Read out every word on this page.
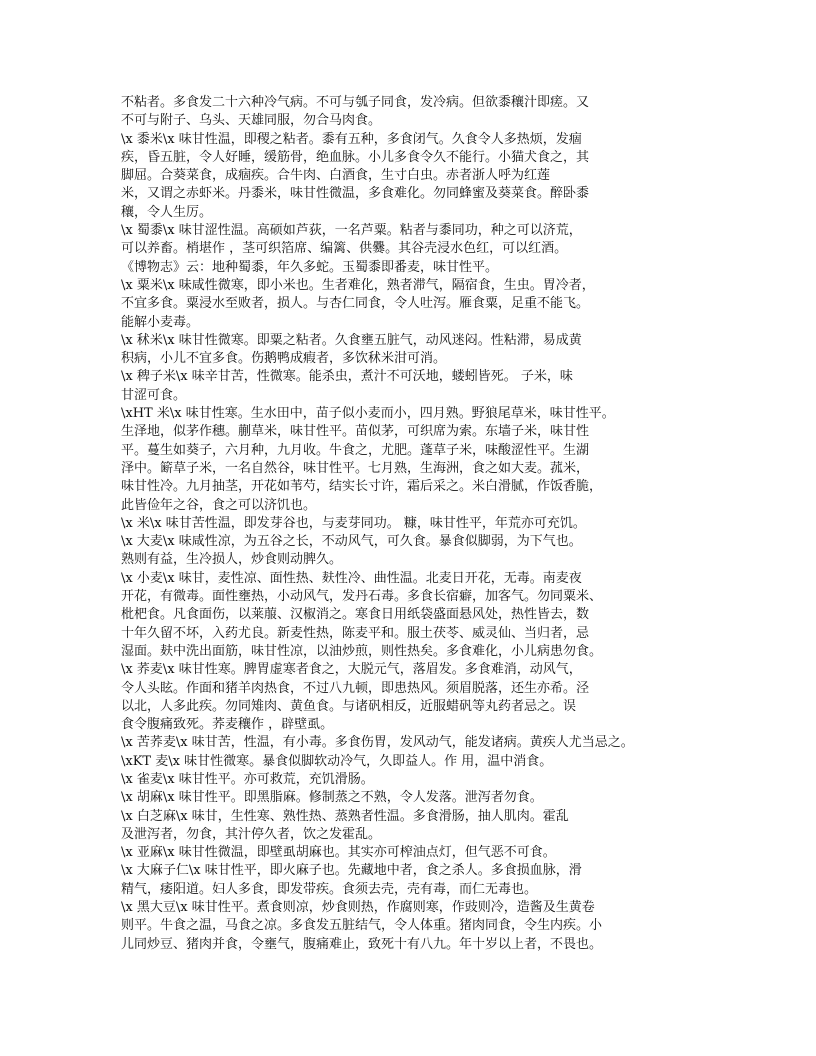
不粘者。多食发二十六种冷气病。不可与瓠子同食，发冷病。但欲黍穰汁即瘥。又
不可与附子、乌头、天雄同服，勿合马肉食。
\x 黍米\x 味甘性温，即稷之粘者。黍有五种，多食闭气。久食令人多热烦，发痼
疾，昏五脏，令人好睡，缓筋骨，绝血脉。小儿多食令久不能行。小猫犬食之，其
脚屈。合葵菜食，成痼疾。合牛肉、白酒食，生寸白虫。赤者浙人呼为红莲
米，又谓之赤虾米。丹黍米，味甘性微温，多食难化。勿同蜂蜜及葵菜食。醉卧黍
穰，令人生厉。
\x 蜀黍\x 味甘涩性温。高硕如芦荻，一名芦粟。粘者与黍同功，种之可以济荒，
可以养畜。梢堪作 ，茎可织箔席、编篱、供爨。其谷壳浸水色红，可以红酒。
《博物志》云：地种蜀黍，年久多蛇。玉蜀黍即番麦，味甘性平。
\x 粟米\x 味咸性微寒，即小米也。生者难化，熟者滞气，隔宿食，生虫。胃冷者，
不宜多食。粟浸水至败者，损人。与杏仁同食，令人吐泻。雁食粟，足重不能飞。
能解小麦毒。
\x 秫米\x 味甘性微寒。即粟之粘者。久食壅五脏气，动风迷闷。性粘滞，易成黄
积病，小儿不宜多食。伤鹅鸭成瘕者，多饮秫米泔可消。
\x 稗子米\x 味辛甘苦，性微寒。能杀虫，煮汁不可沃地，蝼蚓皆死。 子米，味
甘涩可食。
\xHT 米\x 味甘性寒。生水田中，苗子似小麦而小，四月熟。野狼尾草米，味甘性平。
生泽地，似茅作穗。蒯草米，味甘性平。苗似茅，可织席为索。东墙子米，味甘性
平。蔓生如葵子，六月种，九月收。牛食之，尤肥。蓬草子米，味酸涩性平。生湖
泽中。簖草子米，一名自然谷，味甘性平。七月熟，生海洲，食之如大麦。菰米，
味甘性冷。九月抽茎，开花如苇芍，结实长寸许，霜后采之。米白滑腻，作饭香脆，
此皆俭年之谷，食之可以济饥也。
\x 米\x 味甘苦性温，即发芽谷也，与麦芽同功。 糠，味甘性平，年荒亦可充饥。
\x 大麦\x 味咸性凉，为五谷之长，不动风气，可久食。暴食似脚弱，为下气也。
熟则有益，生冷损人，炒食则动脾久。
\x 小麦\x 味甘，麦性凉、面性热、麸性冷、曲性温。北麦日开花，无毒。南麦夜
开花，有微毒。面性壅热，小动风气，发丹石毒。多食长宿癖，加客气。勿同粟米、
枇杷食。凡食面伤，以莱菔、汉椒消之。寒食日用纸袋盛面悬风处，热性皆去，数
十年久留不坏，入药尤良。新麦性热，陈麦平和。服土茯苓、威灵仙、当归者，忌
湿面。麸中洗出面筋，味甘性凉，以油炒煎，则性热矣。多食难化，小儿病患勿食。
\x 荞麦\x 味甘性寒。脾胃虚寒者食之，大脱元气，落眉发。多食难消，动风气，
令人头眩。作面和猪羊肉热食，不过八九顿，即患热风。须眉脱落，还生亦希。泾
以北，人多此疾。勿同雉肉、黄鱼食。与诸矾相反，近服蜡矾等丸药者忌之。误
食令腹痛致死。荞麦穰作 ，辟壁虱。
\x 苦荞麦\x 味甘苦，性温，有小毒。多食伤胃，发风动气，能发诸病。黄疾人尤当忌之。
\xKT 麦\x 味甘性微寒。暴食似脚软动冷气，久即益人。作 用，温中消食。
\x 雀麦\x 味甘性平。亦可救荒，充饥滑肠。
\x 胡麻\x 味甘性平。即黑脂麻。修制蒸之不熟，令人发落。泄泻者勿食。
\x 白芝麻\x 味甘，生性寒、熟性热、蒸熟者性温。多食滑肠，抽人肌肉。霍乱
及泄泻者，勿食，其汁停久者，饮之发霍乱。
\x 亚麻\x 味甘性微温，即壁虱胡麻也。其实亦可榨油点灯，但气恶不可食。
\x 大麻子仁\x 味甘性平，即火麻子也。先藏地中者，食之杀人。多食损血脉，滑
精气，痿阳道。妇人多食，即发带疾。食须去壳，壳有毒，而仁无毒也。
\x 黑大豆\x 味甘性平。煮食则凉，炒食则热，作腐则寒，作豉则冷，造酱及生黄卷
则平。牛食之温，马食之凉。多食发五脏结气，令人体重。猪肉同食，令生内疾。小
儿同炒豆、猪肉并食，令壅气，腹痛难止，致死十有八九。年十岁以上者，不畏也。
